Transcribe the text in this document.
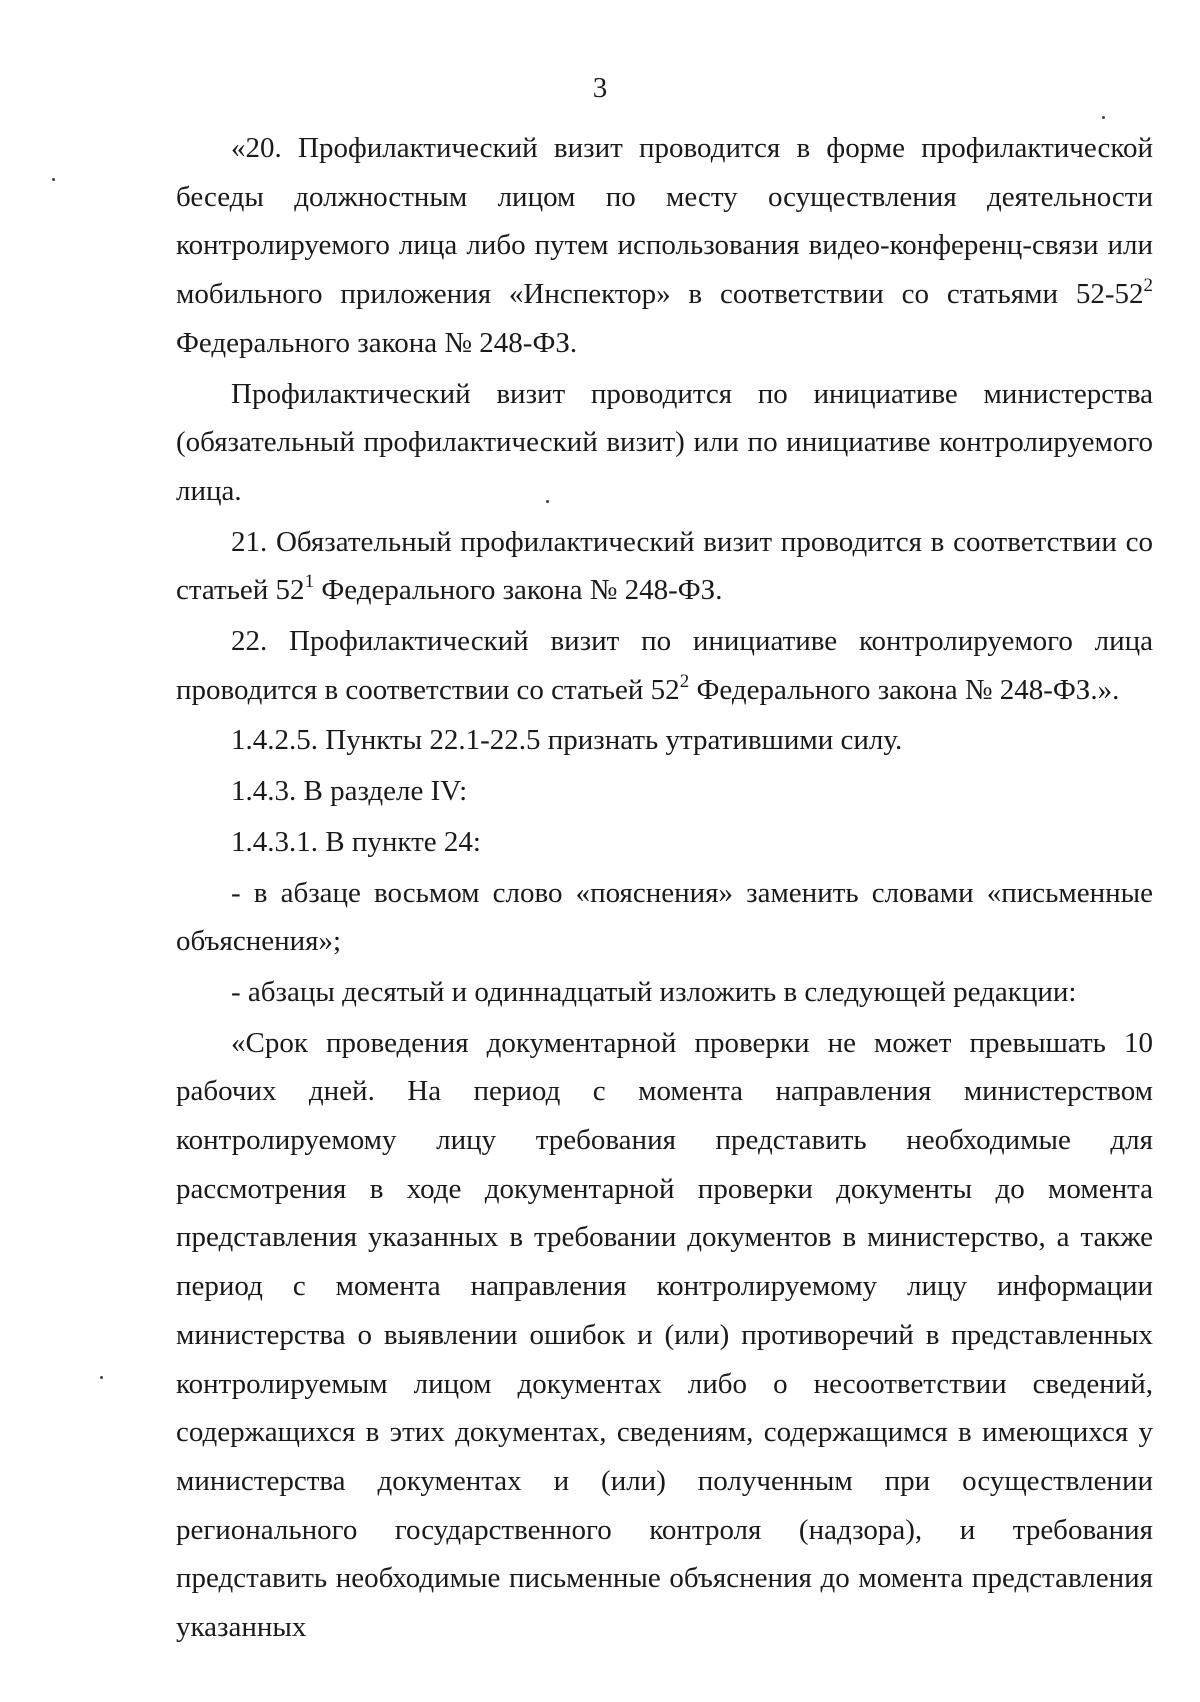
3

«20. Профилактический визит проводится в форме профилактической беседы должностным лицом по месту осуществления деятельности контролируемого лица либо путем использования видео-конференц-связи или мобильного приложения «Инспектор» в соответствии со статьями $52-52^2$ Федерального закона № 248-ФЗ.

Профилактический визит проводится по инициативе министерства (обязательный профилактический визит) или по инициативе контролируемого лица.

21. Обязательный профилактический визит проводится в соответствии со статьей $52^1$ Федерального закона № 248-ФЗ.

22. Профилактический визит по инициативе контролируемого лица проводится в соответствии со статьей $52^2$ Федерального закона № 248-ФЗ.».

1.4.2.5. Пункты 22.1-22.5 признать утратившими силу.

1.4.3. В разделе IV:

1.4.3.1. В пункте 24:

- в абзаце восьмом слово «пояснения» заменить словами «письменные объяснения»;

- абзацы десятый и одиннадцатый изложить в следующей редакции:

«Срок проведения документарной проверки не может превышать 10 рабочих дней. На период с момента направления министерством контролируемому лицу требования представить необходимые для рассмотрения в ходе документарной проверки документы до момента представления указанных в требовании документов в министерство, а также период с момента направления контролируемому лицу информации министерства о выявлении ошибок и (или) противоречий в представленных контролируемым лицом документах либо о несоответствии сведений, содержащихся в этих документах, сведениям, содержащимся в имеющихся у министерства документах и (или) полученным при осуществлении регионального государственного контроля (надзора), и требования представить необходимые письменные объяснения до момента представления указанных
